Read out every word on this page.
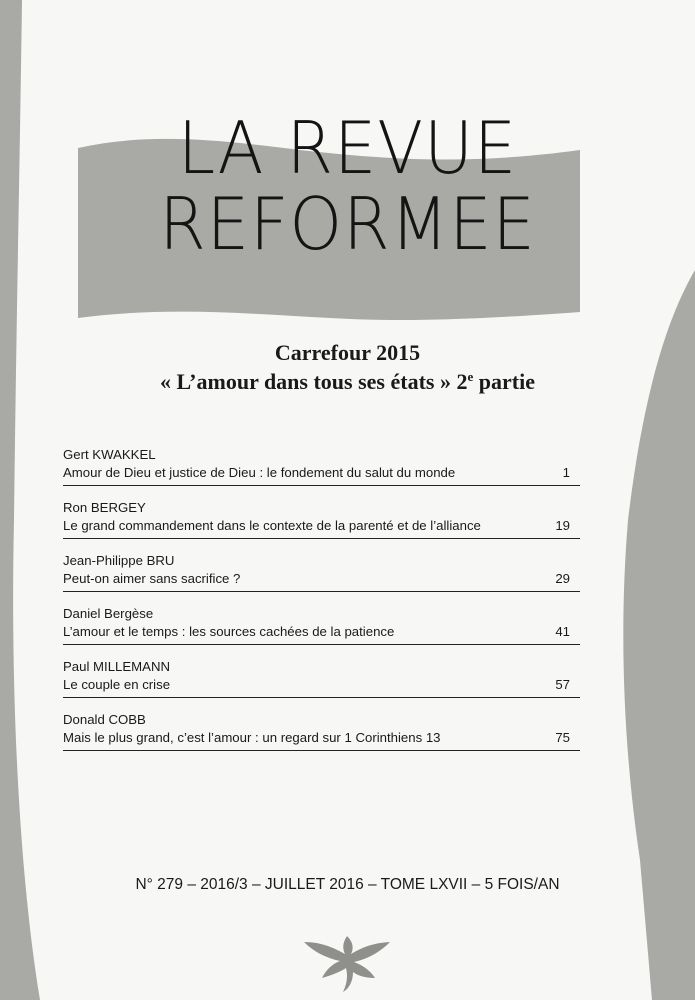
LA REVUE
REFORMEE
Carrefour 2015
« L’amour dans tous ses états » 2e partie
Gert KWAKKEL
Amour de Dieu et justice de Dieu : le fondement du salut du monde	1
Ron BERGEY
Le grand commandement dans le contexte de la parenté et de l’alliance	19
Jean-Philippe BRU
Peut-on aimer sans sacrifice ?	29
Daniel Bergèse
L’amour et le temps : les sources cachées de la patience	41
Paul MILLEMANN
Le couple en crise	57
Donald COBB
Mais le plus grand, c’est l’amour : un regard sur 1 Corinthiens 13	75
N° 279 – 2016/3 – JUILLET 2016 – TOME LXVII – 5 FOIS/AN
